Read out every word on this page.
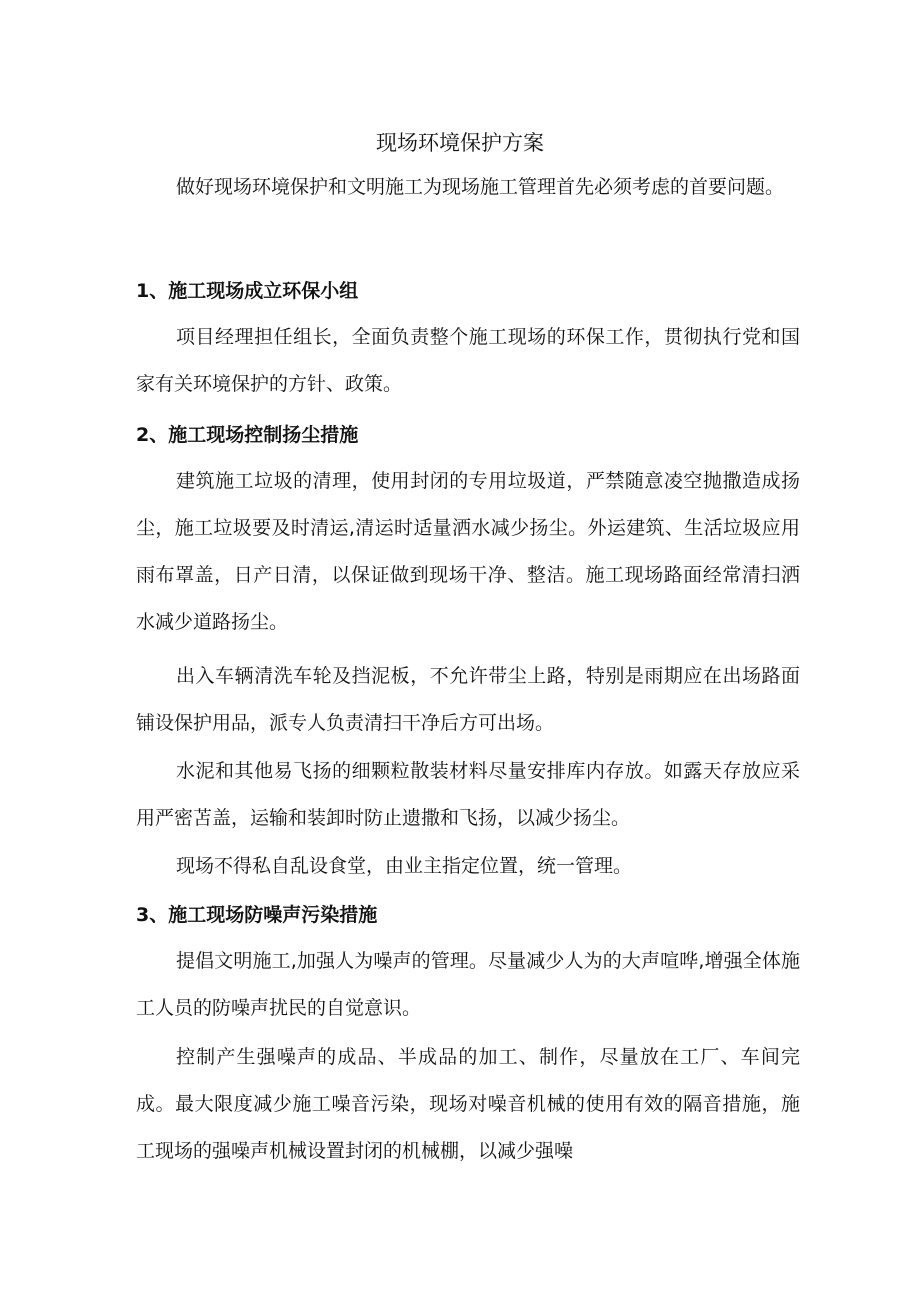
现场环境保护方案

做好现场环境保护和文明施工为现场施工管理首先必须考虑的首要问题。

1、施工现场成立环保小组

项目经理担任组长，全面负责整个施工现场的环保工作，贯彻执行党和国家有关环境保护的方针、政策。

2、施工现场控制扬尘措施

建筑施工垃圾的清理，使用封闭的专用垃圾道，严禁随意凌空抛撒造成扬尘，施工垃圾要及时清运,清运时适量洒水减少扬尘。外运建筑、生活垃圾应用雨布罩盖，日产日清，以保证做到现场干净、整洁。施工现场路面经常清扫洒水减少道路扬尘。

出入车辆清洗车轮及挡泥板，不允许带尘上路，特别是雨期应在出场路面铺设保护用品，派专人负责清扫干净后方可出场。

水泥和其他易飞扬的细颗粒散装材料尽量安排库内存放。如露天存放应采用严密苫盖，运输和装卸时防止遗撒和飞扬，以减少扬尘。

现场不得私自乱设食堂，由业主指定位置，统一管理。

3、施工现场防噪声污染措施

提倡文明施工,加强人为噪声的管理。尽量减少人为的大声喧哗,增强全体施工人员的防噪声扰民的自觉意识。

控制产生强噪声的成品、半成品的加工、制作，尽量放在工厂、车间完成。最大限度减少施工噪音污染，现场对噪音机械的使用有效的隔音措施，施工现场的强噪声机械设置封闭的机械棚，以减少强噪
